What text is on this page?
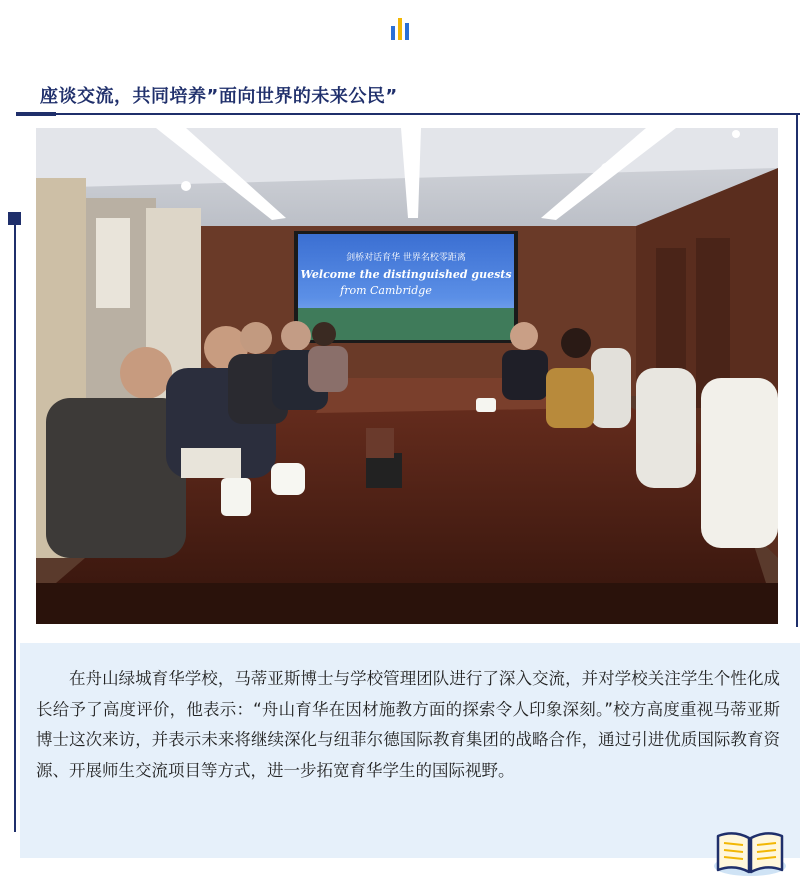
座谈交流，共同培养”面向世界的未来公民”
剑桥对话育华 世界名校零距离
Welcome the distinguished guests
from Cambridge

在舟山绿城育华学校，马蒂亚斯博士与学校管理团队进行了深入交流，并对学校关注学生个性化成长给予了高度评价，他表示：“舟山育华在因材施教方面的探索令人印象深刻。”校方高度重视马蒂亚斯博士这次来访，并表示未来将继续深化与纽菲尔德国际教育集团的战略合作，通过引进优质国际教育资源、开展师生交流项目等方式，进一步拓宽育华学生的国际视野。
